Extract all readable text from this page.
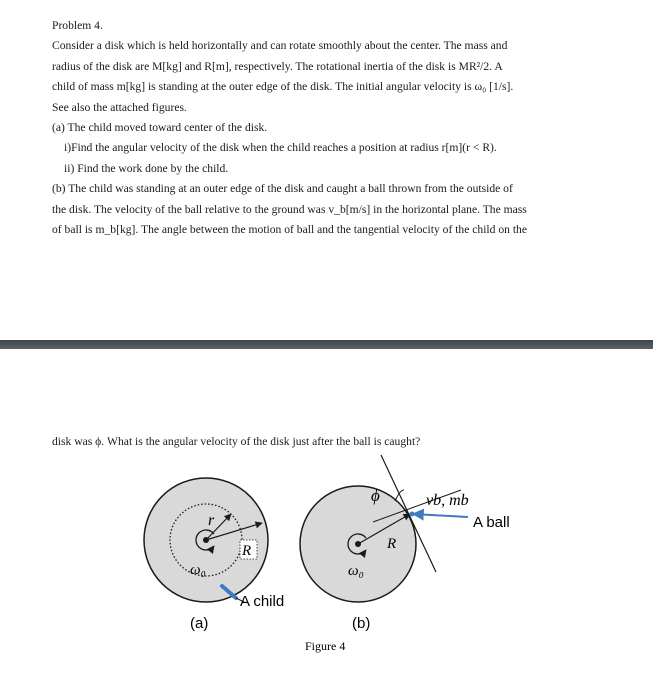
Problem 4.
Consider a disk which is held horizontally and can rotate smoothly about the center. The mass and
radius of the disk are M[kg] and R[m], respectively. The rotational inertia of the disk is MR²/2. A
child of mass m[kg] is standing at the outer edge of the disk. The initial angular velocity is ω₀ [1/s].
See also the attached figures.
(a) The child moved toward center of the disk.
i)Find the angular velocity of the disk when the child reaches a position at radius r[m](r < R).
ii) Find the work done by the child.
(b) The child was standing at an outer edge of the disk and caught a ball thrown from the outside of
the disk. The velocity of the ball relative to the ground was v_b[m/s] in the horizontal plane. The mass
of ball is m_b[kg]. The angle between the motion of ball and the tangential velocity of the child on the
disk was ϕ. What is the angular velocity of the disk just after the ball is caught?
r
R
ω₀
A child
(a)
ϕ	vb, mb
A ball
R
ω₀
(b)
Figure 4
